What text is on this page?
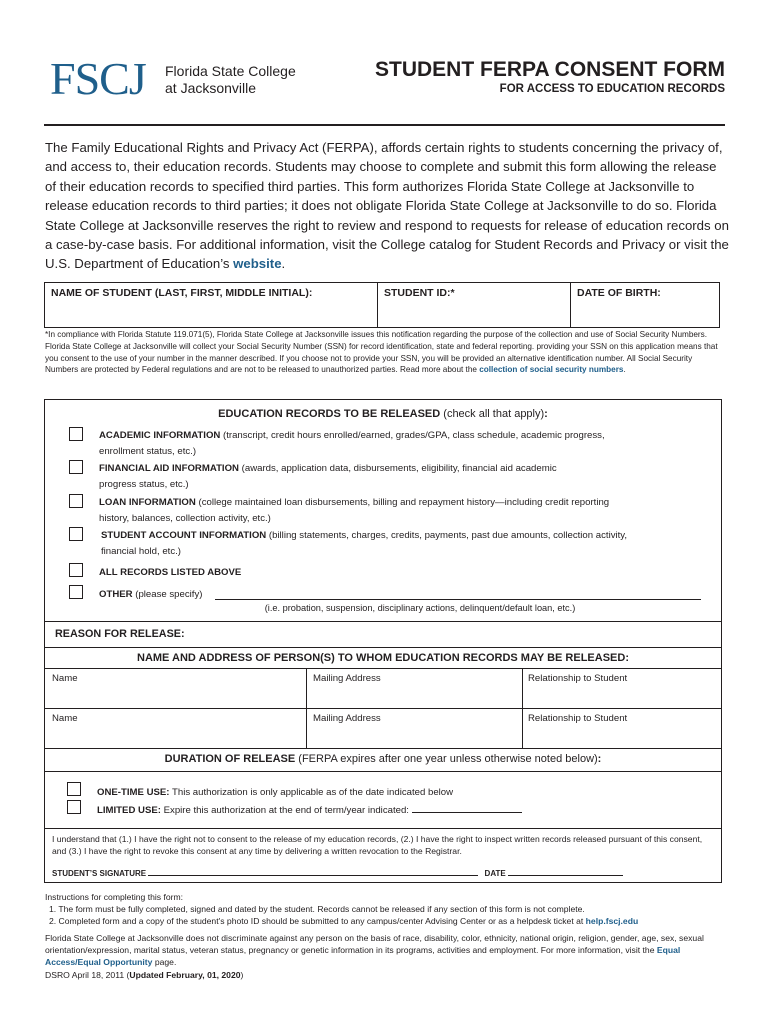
FSCJ Florida State College
at Jacksonville
STUDENT FERPA CONSENT FORM
FOR ACCESS TO EDUCATION RECORDS
The Family Educational Rights and Privacy Act (FERPA), affords certain rights to students concerning the privacy of, and access to, their education records. Students may choose to complete and submit this form allowing the release of their education records to specified third parties. This form authorizes Florida State College at Jacksonville to release education records to third parties; it does not obligate Florida State College at Jacksonville to do so. Florida State College at Jacksonville reserves the right to review and respond to requests for release of education records on a case-by-case basis. For additional information, visit the College catalog for Student Records and Privacy or visit the U.S. Department of Education’s website.
NAME OF STUDENT (LAST, FIRST, MIDDLE INITIAL):	STUDENT ID:*	DATE OF BIRTH:
*In compliance with Florida Statute 119.071(5), Florida State College at Jacksonville issues this notification regarding the purpose of the collection and use of Social Security Numbers. Florida State College at Jacksonville will collect your Social Security Number (SSN) for record identification, state and federal reporting. providing your SSN on this application means that you consent to the use of your number in the manner described. If you choose not to provide your SSN, you will be provided an alternative identification number. All Social Security Numbers are protected by Federal regulations and are not to be released to unauthorized parties. Read more about the collection of social security numbers.
EDUCATION RECORDS TO BE RELEASED (check all that apply):
ACADEMIC INFORMATION (transcript, credit hours enrolled/earned, grades/GPA, class schedule, academic progress,
enrollment status, etc.)
FINANCIAL AID INFORMATION (awards, application data, disbursements, eligibility, financial aid academic
progress status, etc.)
LOAN INFORMATION (college maintained loan disbursements, billing and repayment history—including credit reporting
history, balances, collection activity, etc.)
STUDENT ACCOUNT INFORMATION (billing statements, charges, credits, payments, past due amounts, collection activity,
financial hold, etc.)
ALL RECORDS LISTED ABOVE
OTHER (please specify)
(i.e. probation, suspension, disciplinary actions, delinquent/default loan, etc.)
REASON FOR RELEASE:
NAME AND ADDRESS OF PERSON(S) TO WHOM EDUCATION RECORDS MAY BE RELEASED:
Name	Mailing Address	Relationship to Student
Name	Mailing Address	Relationship to Student
DURATION OF RELEASE (FERPA expires after one year unless otherwise noted below):
ONE-TIME USE: This authorization is only applicable as of the date indicated below
LIMITED USE: Expire this authorization at the end of term/year indicated:
I understand that (1.) I have the right not to consent to the release of my education records, (2.) I have the right to inspect written records released pursuant of this consent, and (3.) I have the right to revoke this consent at any time by delivering a written revocation to the Registrar.
STUDENT’S SIGNATURE	DATE
Instructions for completing this form:
1. The form must be fully completed, signed and dated by the student. Records cannot be released if any section of this form is not complete.
2. Completed form and a copy of the student's photo ID should be submitted to any campus/center Advising Center or as a helpdesk ticket at help.fscj.edu
Florida State College at Jacksonville does not discriminate against any person on the basis of race, disability, color, ethnicity, national origin, religion, gender, age, sex, sexual orientation/expression, marital status, veteran status, pregnancy or genetic information in its programs, activities and employment. For more information, visit the Equal Access/Equal Opportunity page.
DSRO April 18, 2011 (Updated February, 01, 2020)
